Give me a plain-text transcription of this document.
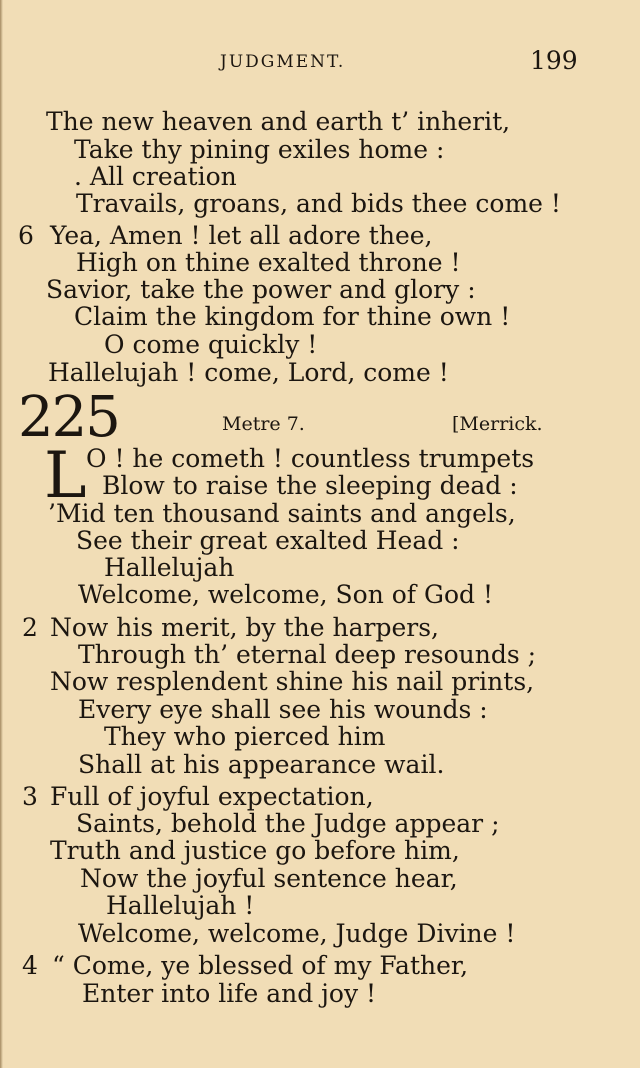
JUDGMENT.	199
The new heaven and earth t’ inherit,
Take thy pining exiles home :
. All creation
Travails, groans, and bids thee come !
6 Yea, Amen ! let all adore thee,
High on thine exalted throne !
Savior, take the power and glory :
Claim the kingdom for thine own !
O come quickly !
Hallelujah ! come, Lord, come !
225	Metre 7.	[Merrick.
L O ! he cometh ! countless trumpets
Blow to raise the sleeping dead :
’Mid ten thousand saints and angels,
See their great exalted Head :
Hallelujah
Welcome, welcome, Son of God !
2 Now his merit, by the harpers,
Through th’ eternal deep resounds ;
Now resplendent shine his nail prints,
Every eye shall see his wounds :
They who pierced him
Shall at his appearance wail.
3 Full of joyful expectation,
Saints, behold the Judge appear ;
Truth and justice go before him,
Now the joyful sentence hear,
Hallelujah !
Welcome, welcome, Judge Divine !
4 “ Come, ye blessed of my Father,
Enter into life and joy !
